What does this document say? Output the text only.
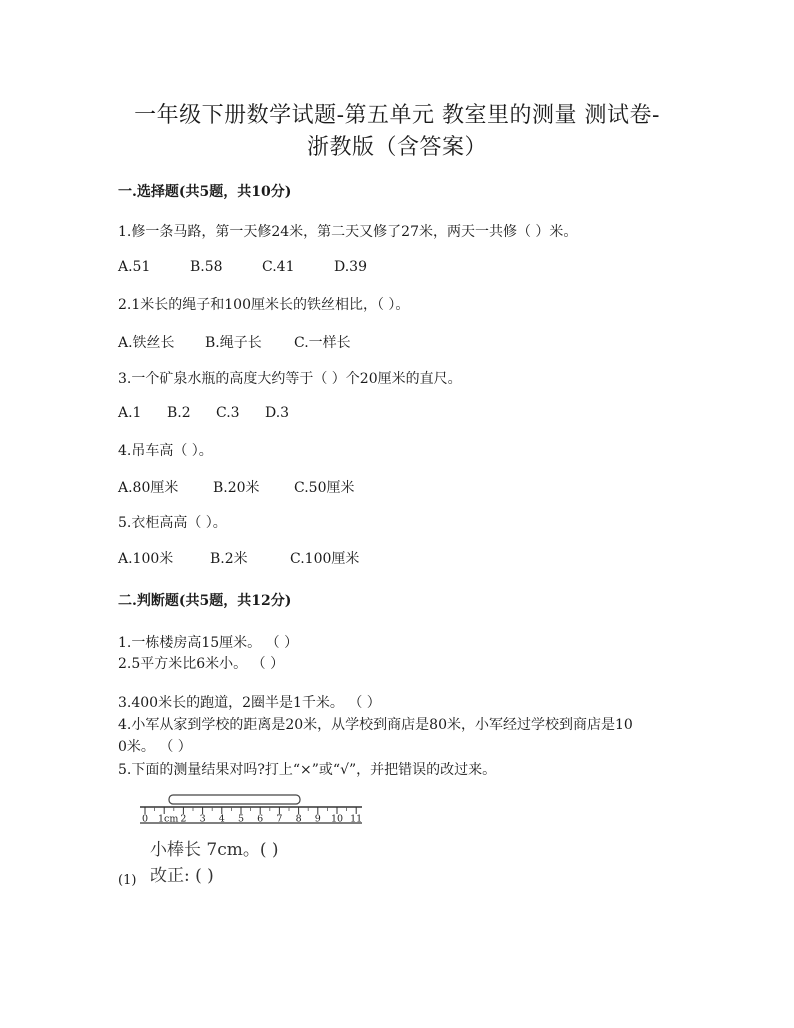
一年级下册数学试题-第五单元 教室里的测量 测试卷-
浙教版（含答案）
一.选择题(共5题，共10分)
1.修一条马路，第一天修24米，第二天又修了27米，两天一共修（ ）米。
A.51	B.58	C.41	D.39
2.1米长的绳子和100厘米长的铁丝相比，（ ）。
A.铁丝长	B.绳子长	C.一样长
3.一个矿泉水瓶的高度大约等于（ ）个20厘米的直尺。
A.1	B.2	C.3	D.3
4.吊车高（ ）。
A.80厘米	B.20米	C.50厘米
5.衣柜高高（ ）。
A.100米	B.2米	C.100厘米
二.判断题(共5题，共12分)
1.一栋楼房高15厘米。 （ ）
2.5平方米比6米小。 （ ）
3.400米长的跑道，2圈半是1千米。 （ ）
4.小军从家到学校的距离是20米，从学校到商店是80米，小军经过学校到商店是10
0米。 （ ）
5.下面的测量结果对吗?打上“×”或“√”，并把错误的改过来。
0 1cm 2 3 4 5 6 7 8 9 10 11
小棒长 7cm。( )
改正: ( )
(1)
